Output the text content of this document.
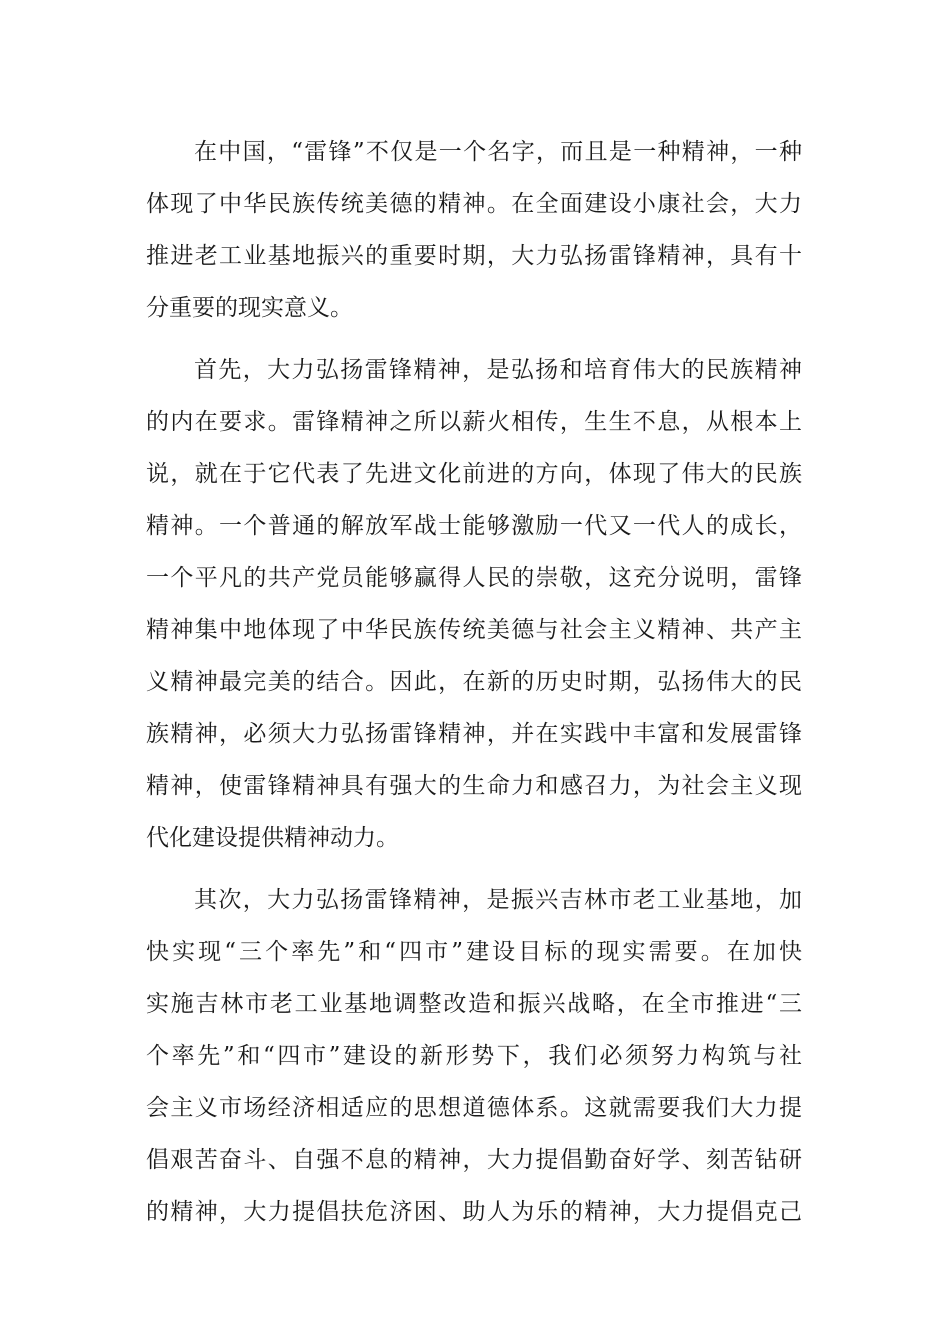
在中国，“雷锋”不仅是一个名字，而且是一种精神，一种
体现了中华民族传统美德的精神。在全面建设小康社会，大力
推进老工业基地振兴的重要时期，大力弘扬雷锋精神，具有十
分重要的现实意义。
首先，大力弘扬雷锋精神，是弘扬和培育伟大的民族精神
的内在要求。雷锋精神之所以薪火相传，生生不息，从根本上
说，就在于它代表了先进文化前进的方向，体现了伟大的民族
精神。一个普通的解放军战士能够激励一代又一代人的成长，
一个平凡的共产党员能够赢得人民的崇敬，这充分说明，雷锋
精神集中地体现了中华民族传统美德与社会主义精神、共产主
义精神最完美的结合。因此，在新的历史时期，弘扬伟大的民
族精神，必须大力弘扬雷锋精神，并在实践中丰富和发展雷锋
精神，使雷锋精神具有强大的生命力和感召力，为社会主义现
代化建设提供精神动力。
其次，大力弘扬雷锋精神，是振兴吉林市老工业基地，加
快实现“三个率先”和“四市”建设目标的现实需要。在加快
实施吉林市老工业基地调整改造和振兴战略，在全市推进“三
个率先”和“四市”建设的新形势下，我们必须努力构筑与社
会主义市场经济相适应的思想道德体系。这就需要我们大力提
倡艰苦奋斗、自强不息的精神，大力提倡勤奋好学、刻苦钻研
的精神，大力提倡扶危济困、助人为乐的精神，大力提倡克己
